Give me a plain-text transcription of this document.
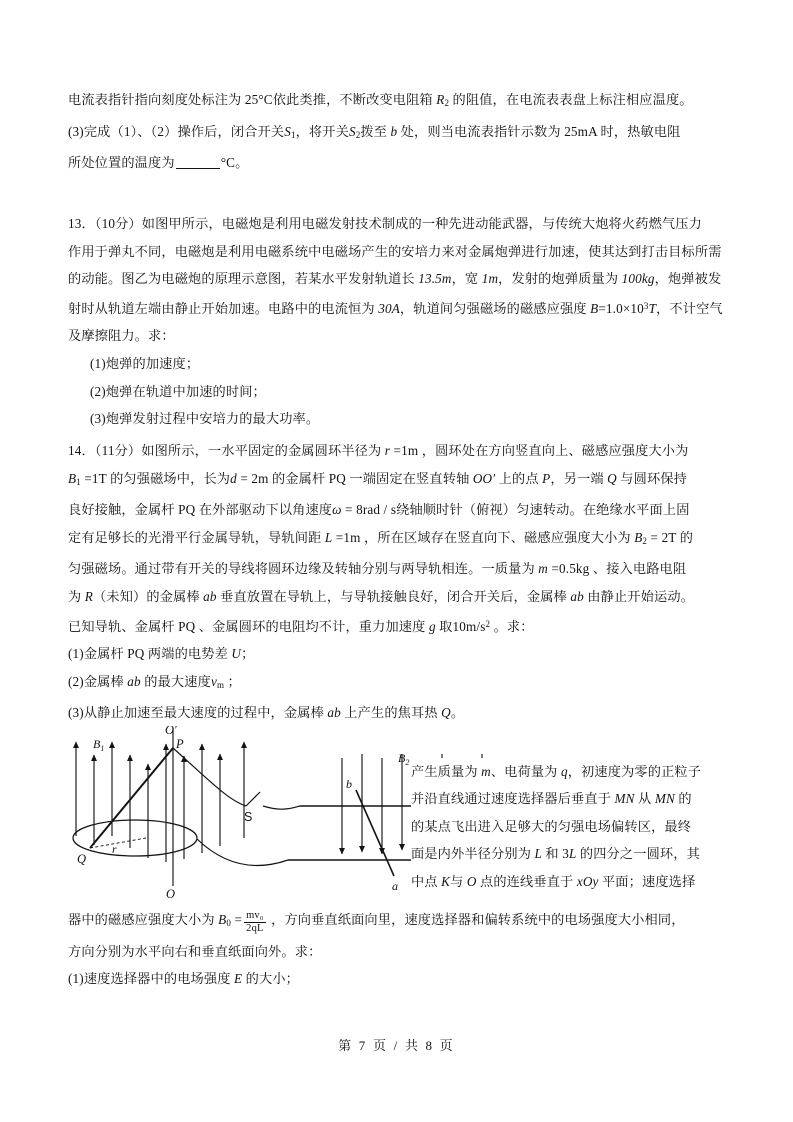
电流表指针指向刻度处标注为 25°C依此类推，不断改变电阻箱 $R_2$ 的阻值，在电流表表盘上标注相应温度。
(3)完成（1）、（2）操作后，闭合开关$S_1$，将开关$S_2$拨至 b 处，则当电流表指针示数为 25mA 时，热敏电阻
所处位置的温度为	°C。
13．（10分）如图甲所示，电磁炮是利用电磁发射技术制成的一种先进动能武器，与传统大炮将火药燃气压力
作用于弹丸不同，电磁炮是利用电磁系统中电磁场产生的安培力来对金属炮弹进行加速，使其达到打击目标所需
的动能。图乙为电磁炮的原理示意图，若某水平发射轨道长 13.5m，宽 1m，发射的炮弹质量为 100kg，炮弹被发
射时从轨道左端由静止开始加速。电路中的电流恒为 30A，轨道间匀强磁场的磁感应强度 $B=1.0\times 10^3T$，不计空气
及摩擦阻力。求：
(1)炮弹的加速度；
(2)炮弹在轨道中加速的时间；
(3)炮弹发射过程中安培力的最大功率。
14．（11分）如图所示，一水平固定的金属圆环半径为 r =1m ，圆环处在方向竖直向上、磁感应强度大小为
$B_1 =1T$ 的匀强磁场中，长为d = 2m 的金属杆 PQ 一端固定在竖直转轴 OO′ 上的点 P，另一端 Q 与圆环保持
良好接触，金属杆 PQ 在外部驱动下以角速度ω = 8rad / s绕轴顺时针（俯视）匀速转动。在绝缘水平面上固
定有足够长的光滑平行金属导轨，导轨间距 L =1m ，所在区域存在竖直向下、磁感应强度大小为 $B_2 = 2T$ 的
匀强磁场。通过带有开关的导线将圆环边缘及转轴分别与两导轨相连。一质量为 m =0.5kg 、接入电路电阻
为 R（未知）的金属棒 ab 垂直放置在导轨上，与导轨接触良好，闭合开关后，金属棒 ab 由静止开始运动。
已知导轨、金属杆 PQ 、金属圆环的电阻均不计，重力加速度 g 取$10m/s^2$ 。求：
(1)金属杆 PQ 两端的电势差 U；
(2)金属棒 ab 的最大速度$v_m$ ；
(3)从静止加速至最大速度的过程中，金属棒 ab 上产生的焦耳热 Q。
$B_1$
O′
O
r
P
Q
S
$B_2$
b
a
产生质量为 m、电荷量为 q，初速度为零的正粒子
并沿直线通过速度选择器后垂直于 MN 从 MN 的
的某点飞出进入足够大的匀强电场偏转区，最终
面是内外半径分别为 L 和 3L 的四分之一圆环，其
中点 K与 O 点的连线垂直于 xOy 平面；速度选择
器中的磁感应强度大小为 $B_0 = \frac{\text{mv₀}}{2qL}$ ，方向垂直纸面向里，速度选择器和偏转系统中的电场强度大小相同，
方向分别为水平向右和垂直纸面向外。求：
(1)速度选择器中的电场强度 E 的大小；
第 7 页 / 共 8 页
